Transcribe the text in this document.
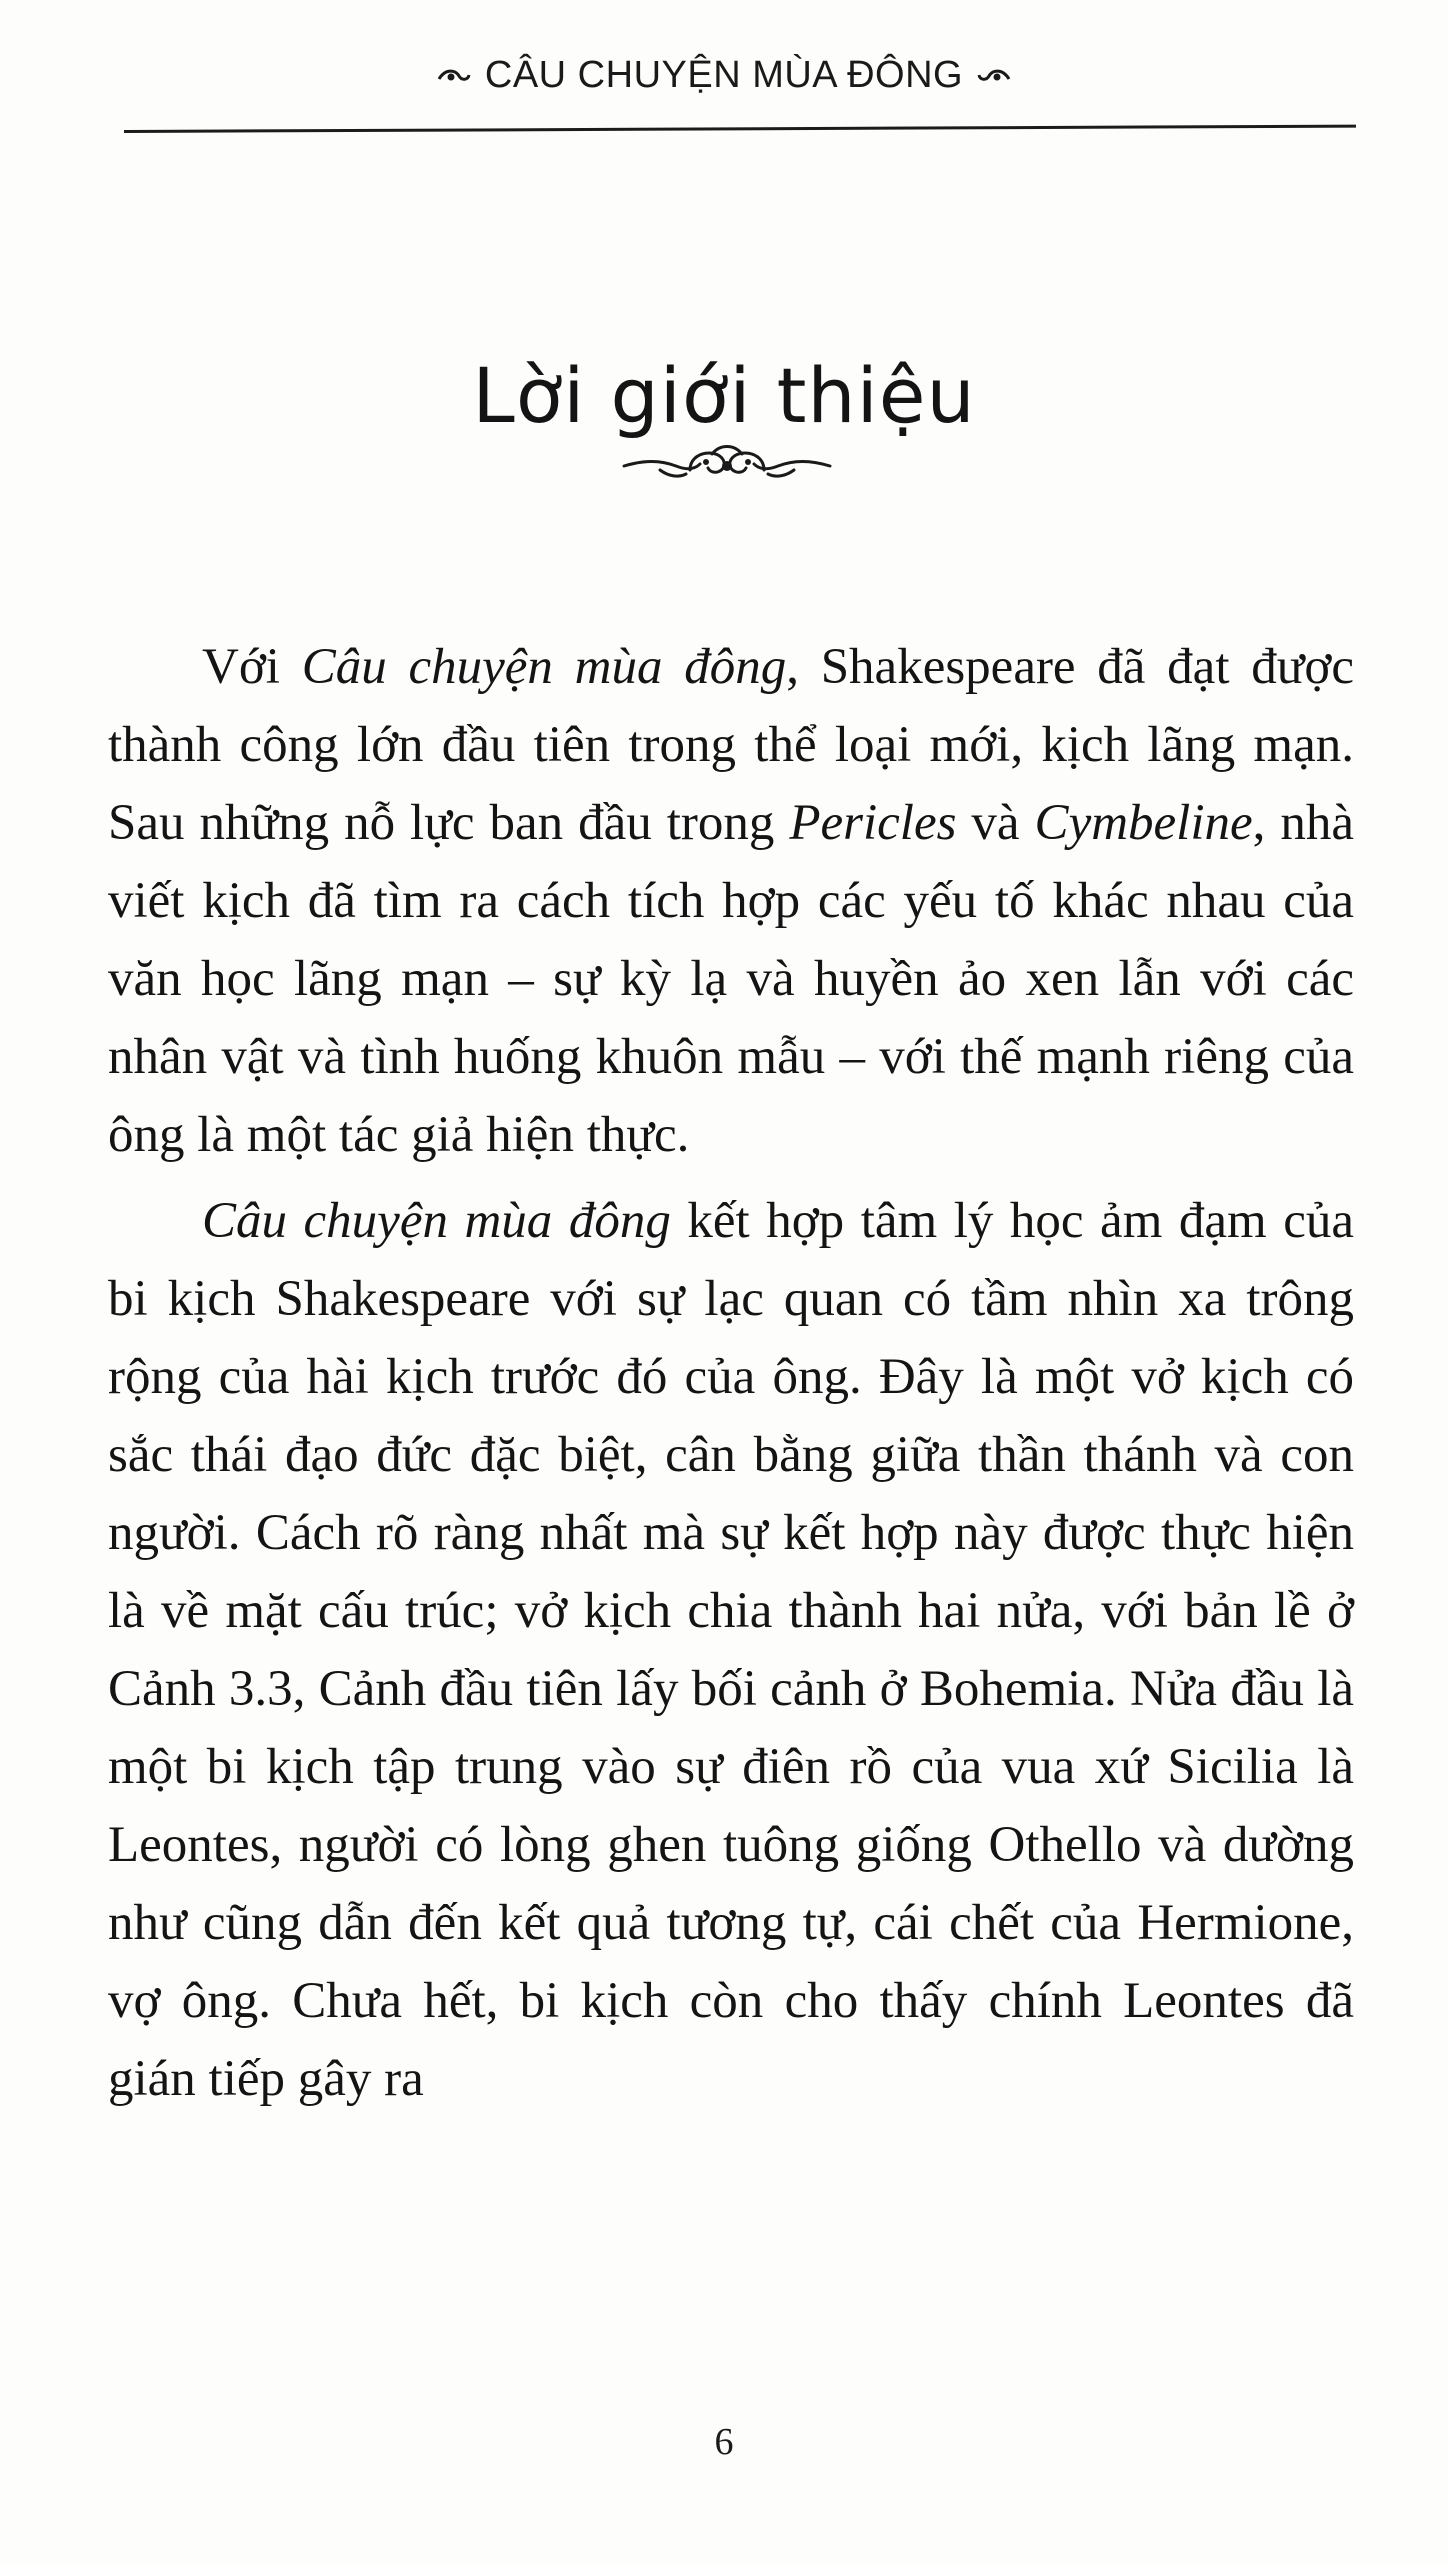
CÂU CHUYỆN MÙA ĐÔNG
Lời giới thiệu

Với Câu chuyện mùa đông, Shakespeare đã đạt được thành công lớn đầu tiên trong thể loại mới, kịch lãng mạn. Sau những nỗ lực ban đầu trong Pericles và Cymbeline, nhà viết kịch đã tìm ra cách tích hợp các yếu tố khác nhau của văn học lãng mạn – sự kỳ lạ và huyền ảo xen lẫn với các nhân vật và tình huống khuôn mẫu – với thế mạnh riêng của ông là một tác giả hiện thực.

Câu chuyện mùa đông kết hợp tâm lý học ảm đạm của bi kịch Shakespeare với sự lạc quan có tầm nhìn xa trông rộng của hài kịch trước đó của ông. Đây là một vở kịch có sắc thái đạo đức đặc biệt, cân bằng giữa thần thánh và con người. Cách rõ ràng nhất mà sự kết hợp này được thực hiện là về mặt cấu trúc; vở kịch chia thành hai nửa, với bản lề ở Cảnh 3.3, Cảnh đầu tiên lấy bối cảnh ở Bohemia. Nửa đầu là một bi kịch tập trung vào sự điên rồ của vua xứ Sicilia là Leontes, người có lòng ghen tuông giống Othello và dường như cũng dẫn đến kết quả tương tự, cái chết của Hermione, vợ ông. Chưa hết, bi kịch còn cho thấy chính Leontes đã gián tiếp gây ra

6
